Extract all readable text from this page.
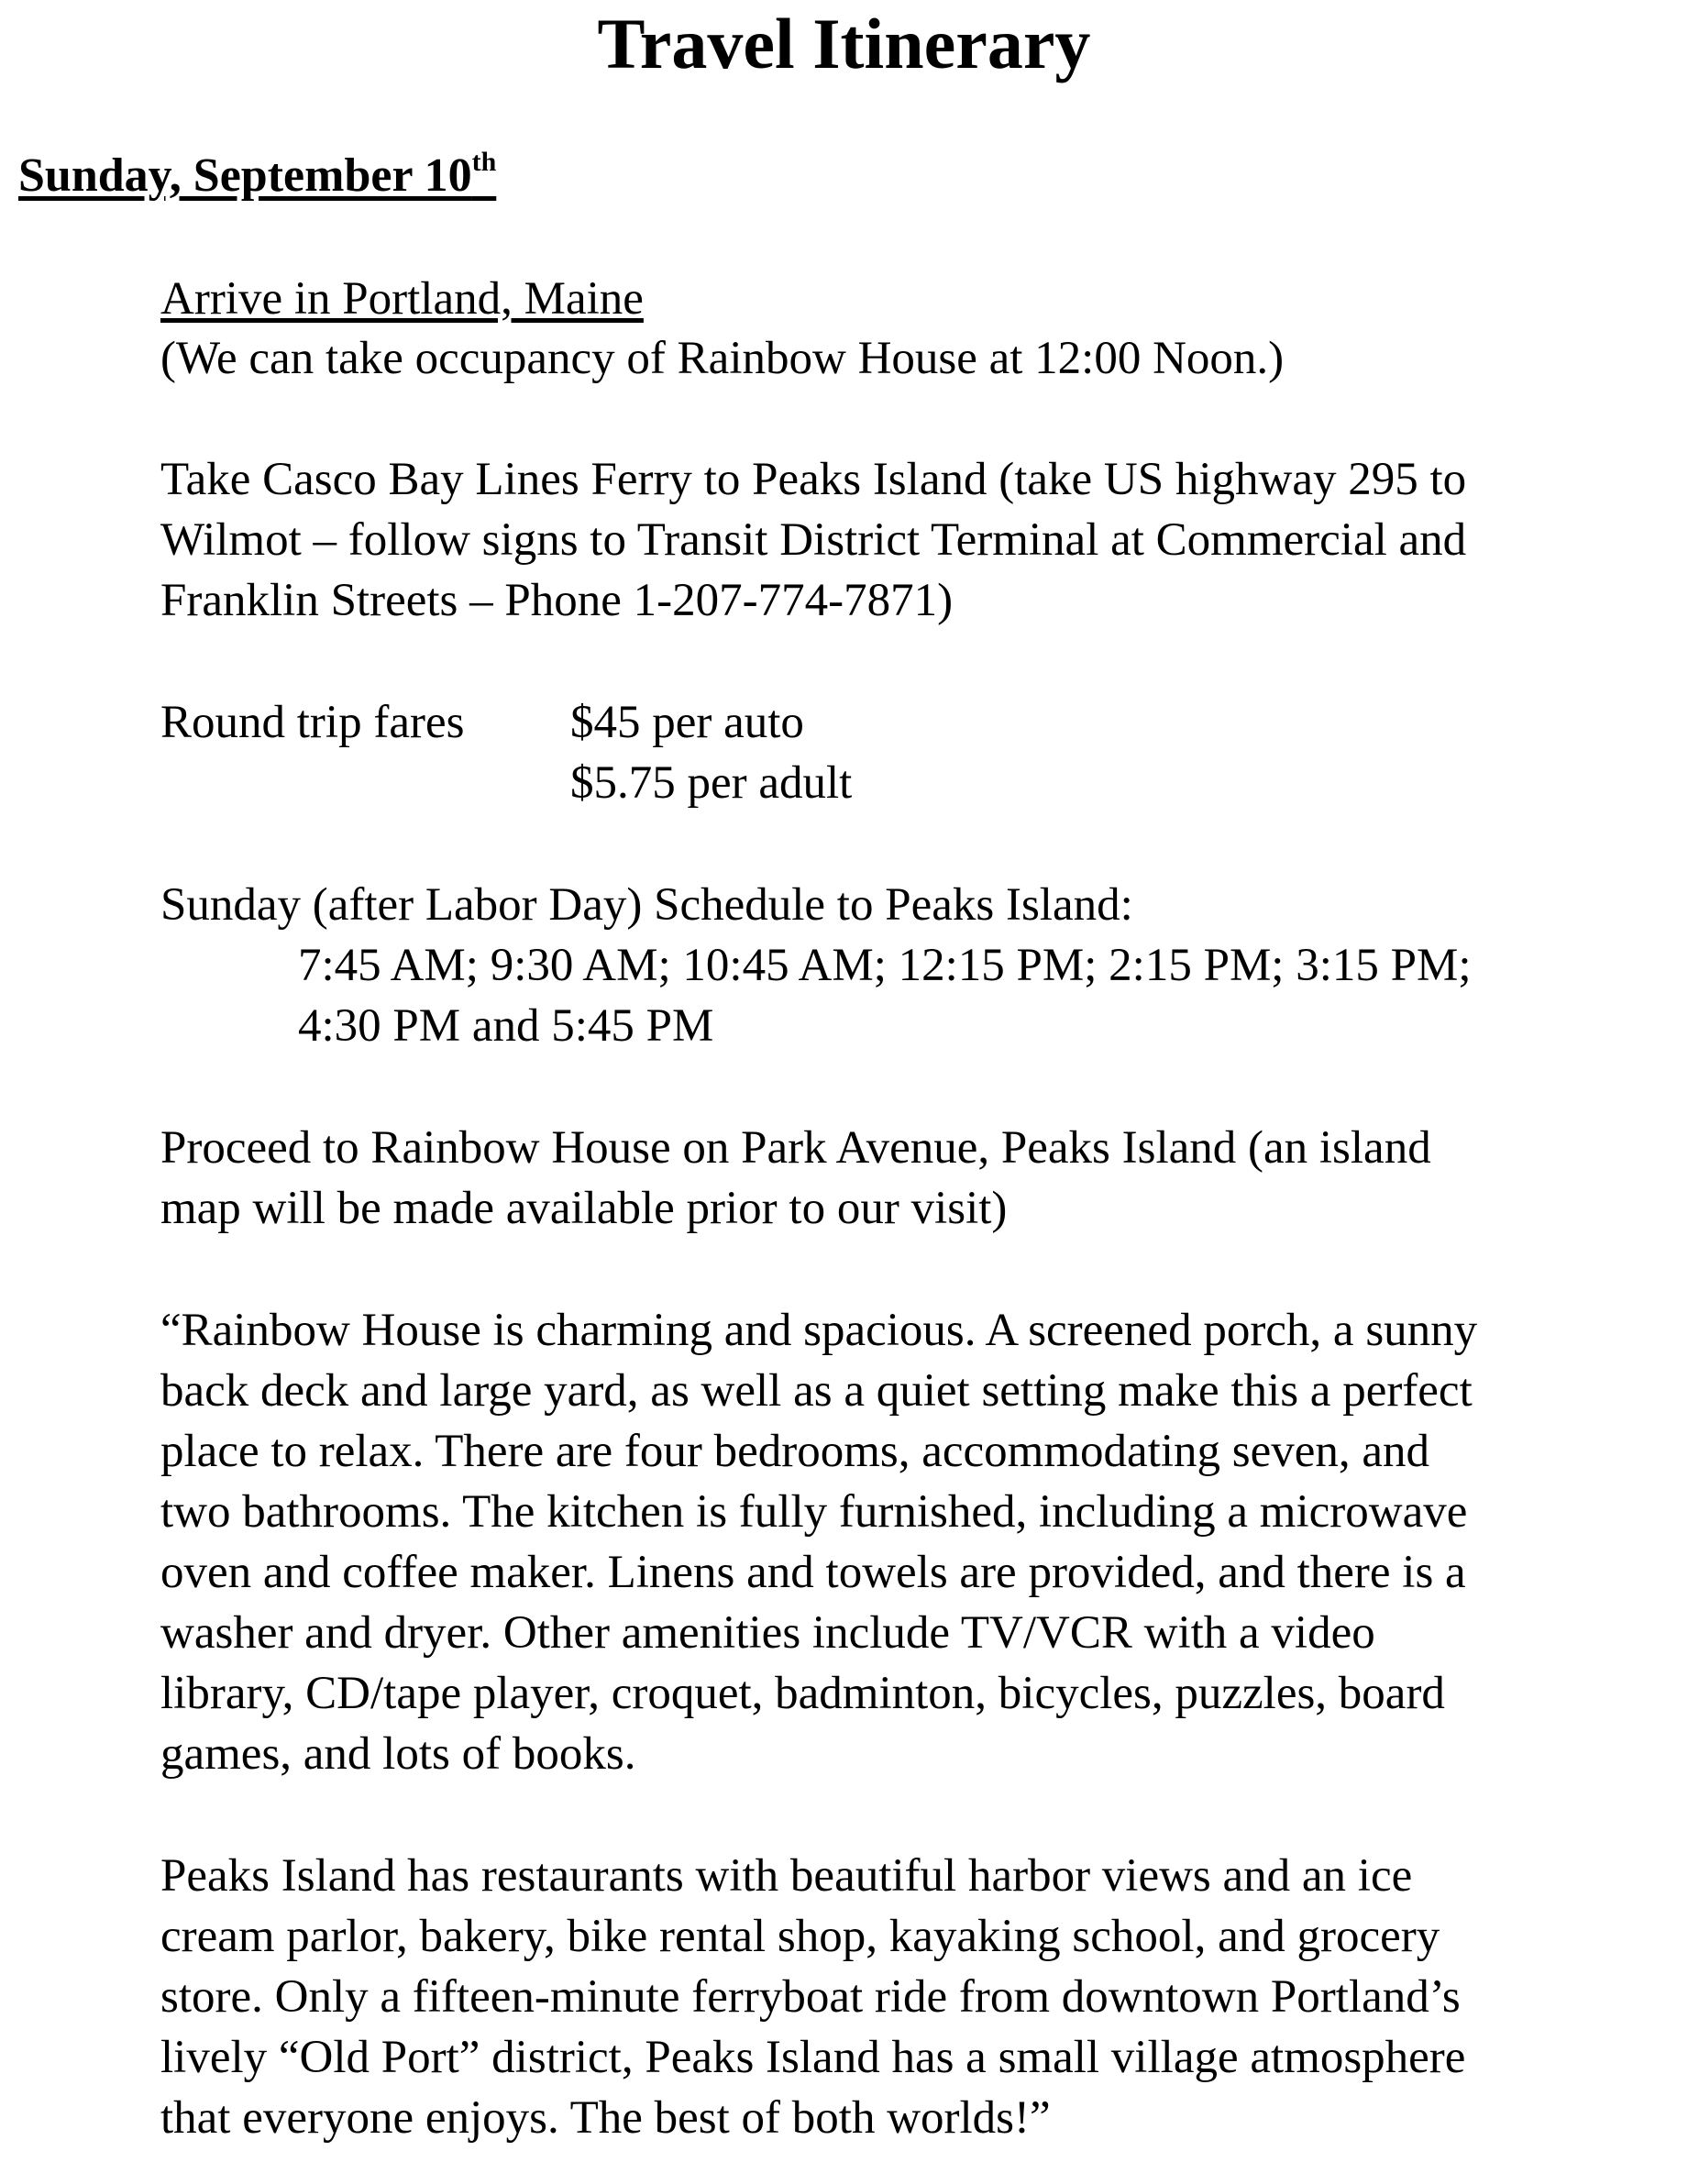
Travel Itinerary
Sunday, September 10th
Arrive in Portland, Maine
(We can take occupancy of Rainbow House at 12:00 Noon.)
Take Casco Bay Lines Ferry to Peaks Island (take US highway 295 to
Wilmot – follow signs to Transit District Terminal at Commercial and
Franklin Streets – Phone 1-207-774-7871)
Round trip fares $45 per auto
$5.75 per adult
Sunday (after Labor Day) Schedule to Peaks Island:
7:45 AM; 9:30 AM; 10:45 AM; 12:15 PM; 2:15 PM; 3:15 PM;
4:30 PM and 5:45 PM
Proceed to Rainbow House on Park Avenue, Peaks Island (an island
map will be made available prior to our visit)
“Rainbow House is charming and spacious. A screened porch, a sunny
back deck and large yard, as well as a quiet setting make this a perfect
place to relax. There are four bedrooms, accommodating seven, and
two bathrooms. The kitchen is fully furnished, including a microwave
oven and coffee maker. Linens and towels are provided, and there is a
washer and dryer. Other amenities include TV/VCR with a video
library, CD/tape player, croquet, badminton, bicycles, puzzles, board
games, and lots of books.
Peaks Island has restaurants with beautiful harbor views and an ice
cream parlor, bakery, bike rental shop, kayaking school, and grocery
store. Only a fifteen-minute ferryboat ride from downtown Portland’s
lively “Old Port” district, Peaks Island has a small village atmosphere
that everyone enjoys. The best of both worlds!”
